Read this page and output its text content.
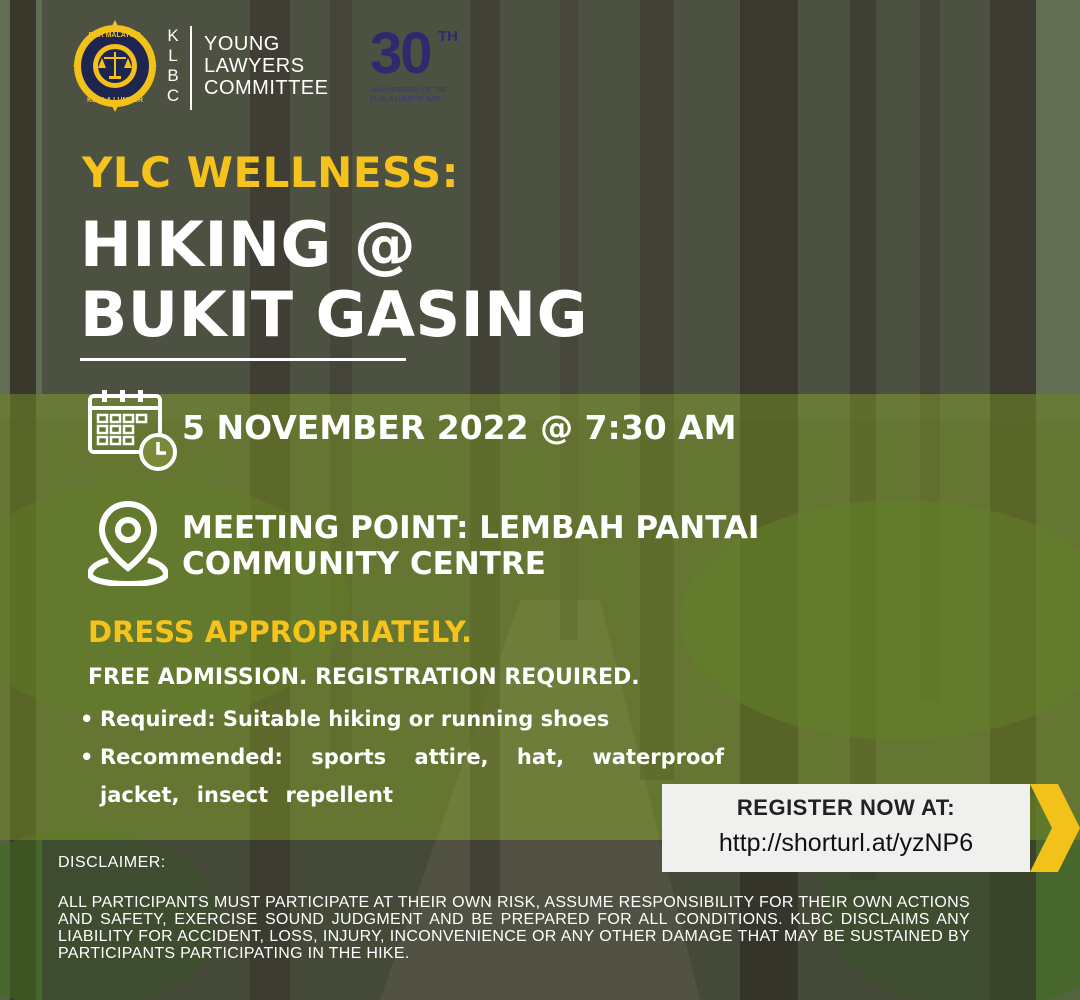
BAR MALAYSIA
KUALA LUMPUR
K
L
B
C
YOUNG
LAWYERS
COMMITTEE
30 TH
ANNIVERSARY OF THE KUALA LUMPUR BAR
YLC WELLNESS:
HIKING @
BUKIT GASING
5 NOVEMBER 2022 @ 7:30 AM
MEETING POINT: LEMBAH PANTAI
COMMUNITY CENTRE
DRESS APPROPRIATELY.
FREE ADMISSION. REGISTRATION REQUIRED.
• Required: Suitable hiking or running shoes
• Recommended: sports attire, hat, waterproof jacket, insect repellent	REGISTER NOW AT:
http://shorturl.at/yzNP6
DISCLAIMER:
ALL PARTICIPANTS MUST PARTICIPATE AT THEIR OWN RISK, ASSUME RESPONSIBILITY FOR THEIR OWN ACTIONS AND SAFETY, EXERCISE SOUND JUDGMENT AND BE PREPARED FOR ALL CONDITIONS. KLBC DISCLAIMS ANY LIABILITY FOR ACCIDENT, LOSS, INJURY, INCONVENIENCE OR ANY OTHER DAMAGE THAT MAY BE SUSTAINED BY PARTICIPANTS PARTICIPATING IN THE HIKE.
